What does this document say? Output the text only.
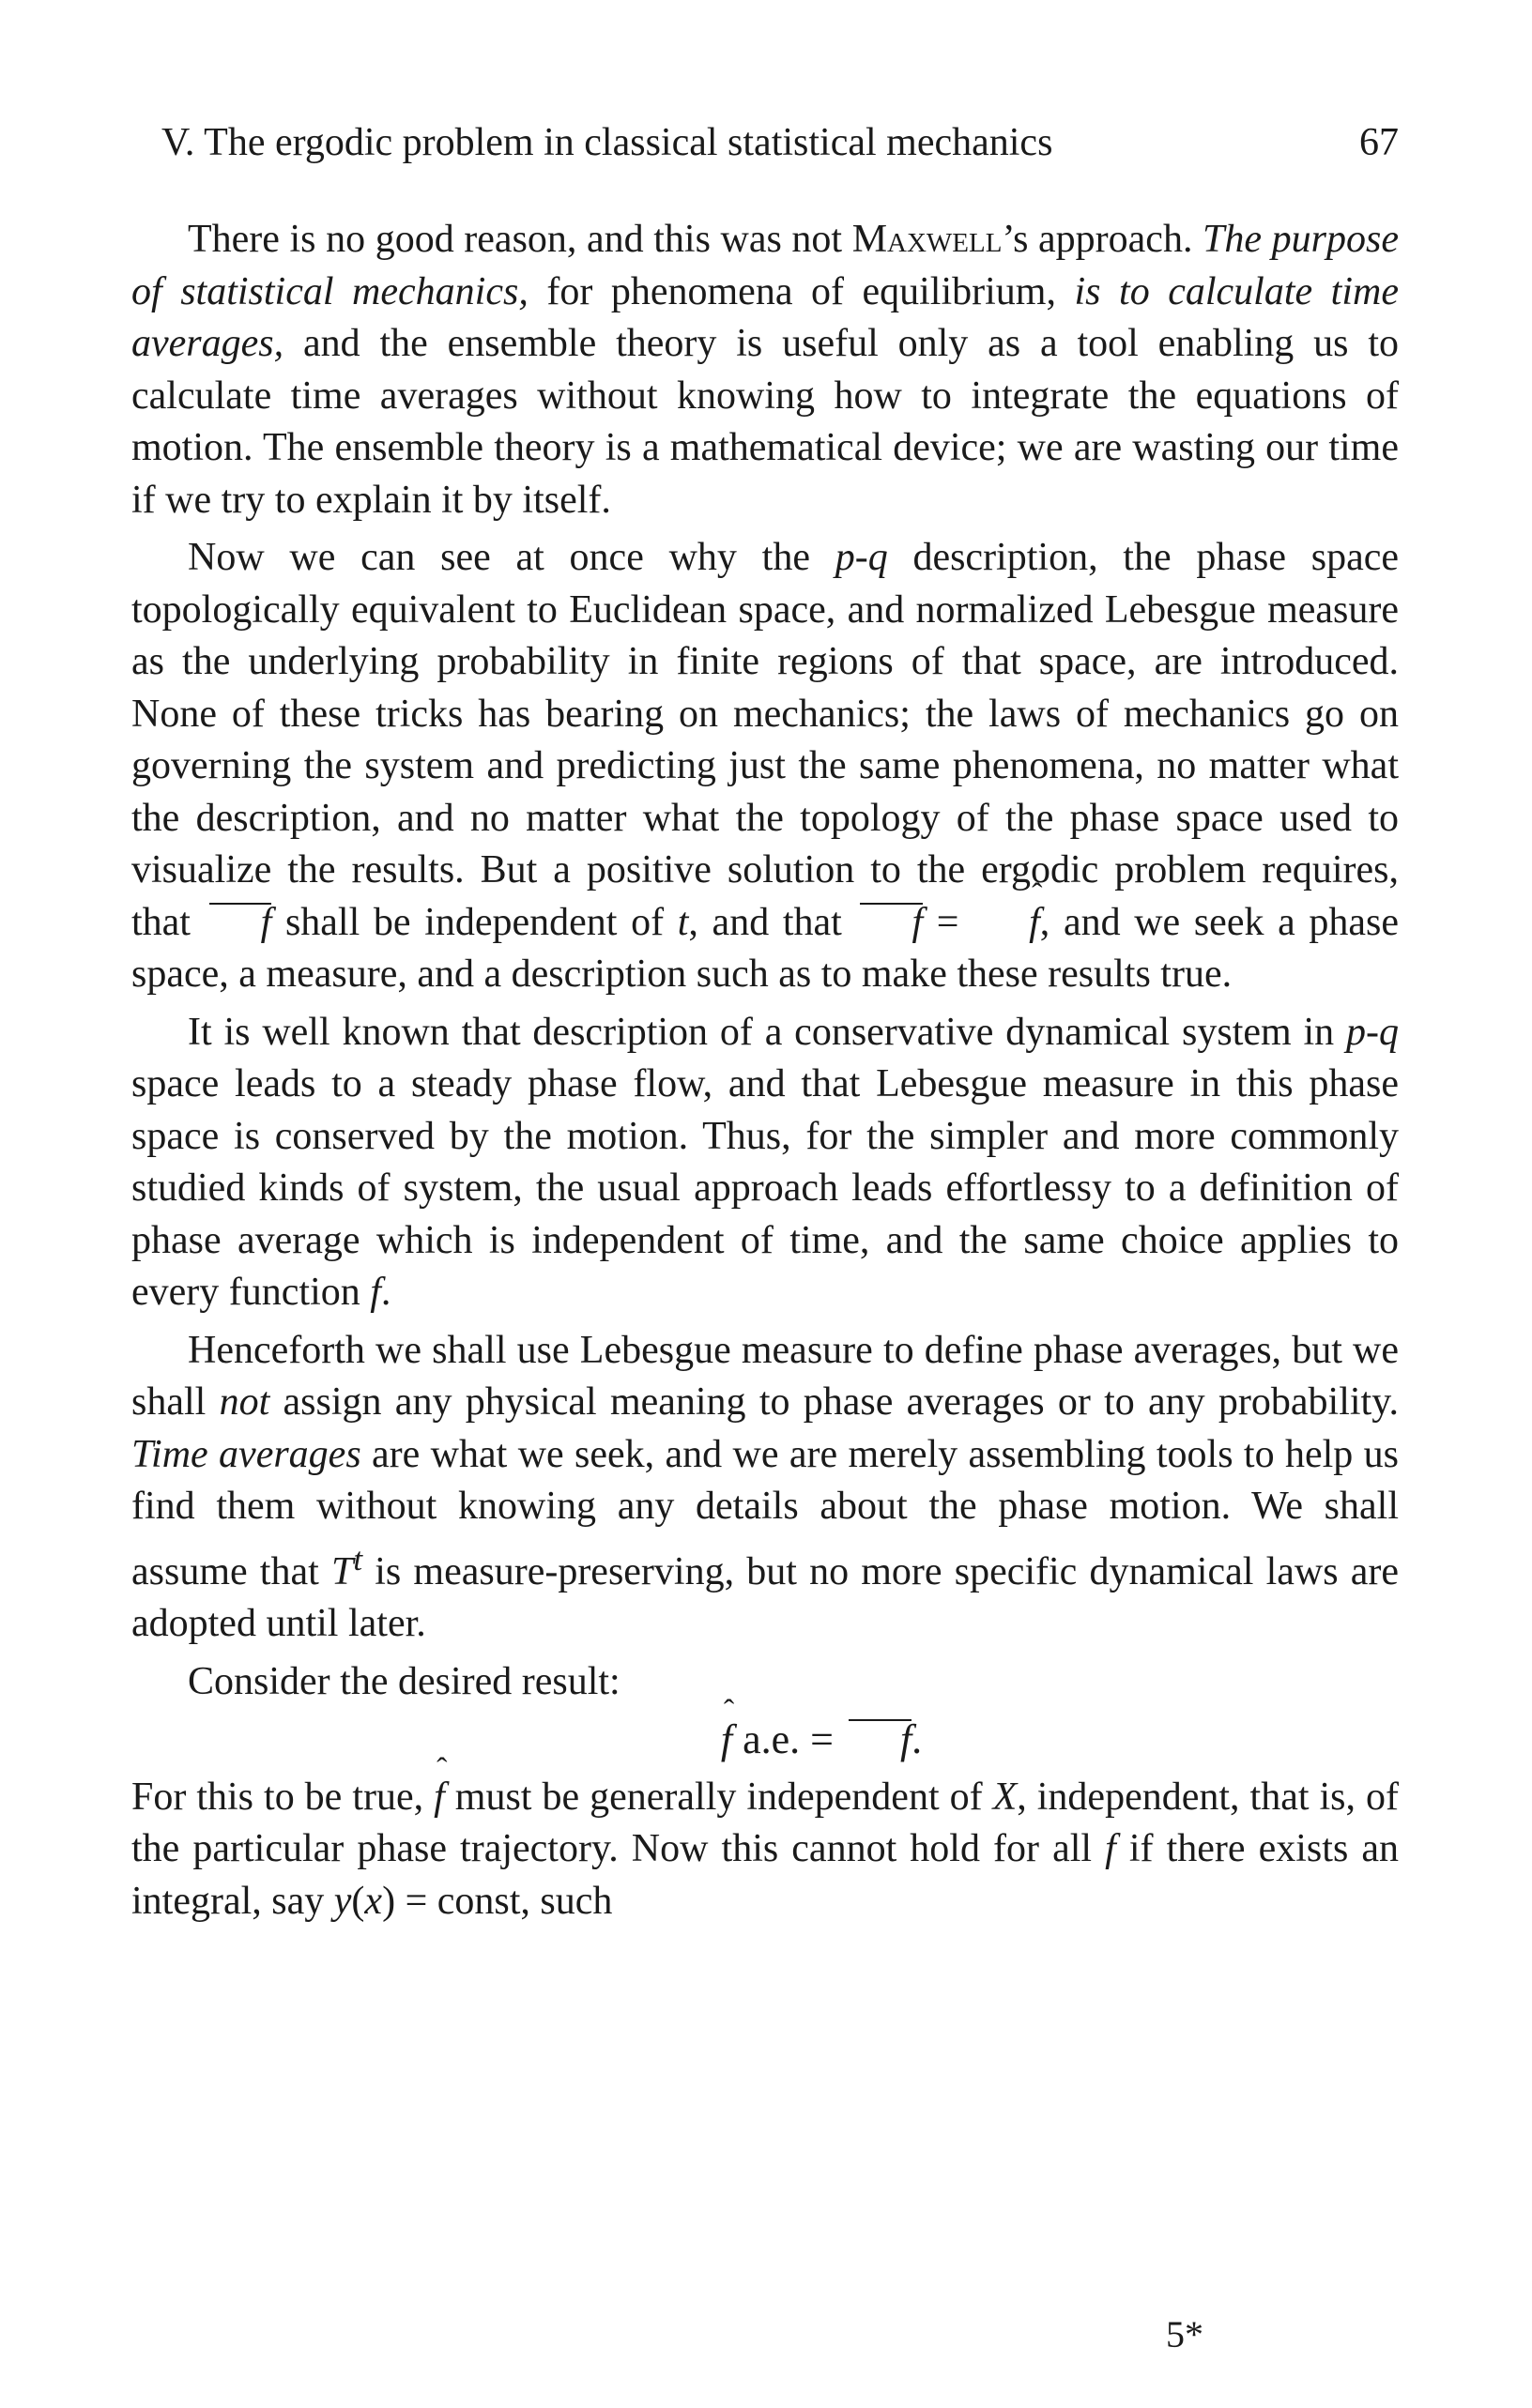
V. The ergodic problem in classical statistical mechanics	67

There is no good reason, and this was not Maxwell’s approach. The purpose of statistical mechanics, for phenomena of equilibrium, is to calculate time averages, and the ensemble theory is useful only as a tool enabling us to calculate time averages without knowing how to integrate the equations of motion. The ensemble theory is a mathematical device; we are wasting our time if we try to explain it by itself.

Now we can see at once why the p-q description, the phase space topologically equivalent to Euclidean space, and normalized Lebesgue measure as the underlying probability in finite regions of that space, are introduced. None of these tricks has bearing on mechanics; the laws of mechanics go on governing the system and predicting just the same phenomena, no matter what the description, and no matter what the topology of the phase space used to visualize the results. But a positive solution to the ergodic problem requires, that f shall be independent of t, and that f = ˆ f, and we seek a phase space, a measure, and a description such as to make these results true.

It is well known that description of a conservative dynamical system in p-q space leads to a steady phase flow, and that Lebesgue measure in this phase space is conserved by the motion. Thus, for the simpler and more commonly studied kinds of system, the usual approach leads effortlessy to a definition of phase average which is independent of time, and the same choice applies to every function f.

Henceforth we shall use Lebesgue measure to define phase averages, but we shall not assign any physical meaning to phase averages or to any probability. Time averages are what we seek, and we are merely assembling tools to help us find them without knowing any details about the phase motion. We shall assume that $T^t$ is measure-preserving, but no more specific dynamical laws are adopted until later.

Consider the desired result:

ˆ f a.e. = f.

For this to be true, ˆ f must be generally independent of X, independent, that is, of the particular phase trajectory. Now this cannot hold for all f if there exists an integral, say y(x) = const, such

5*
